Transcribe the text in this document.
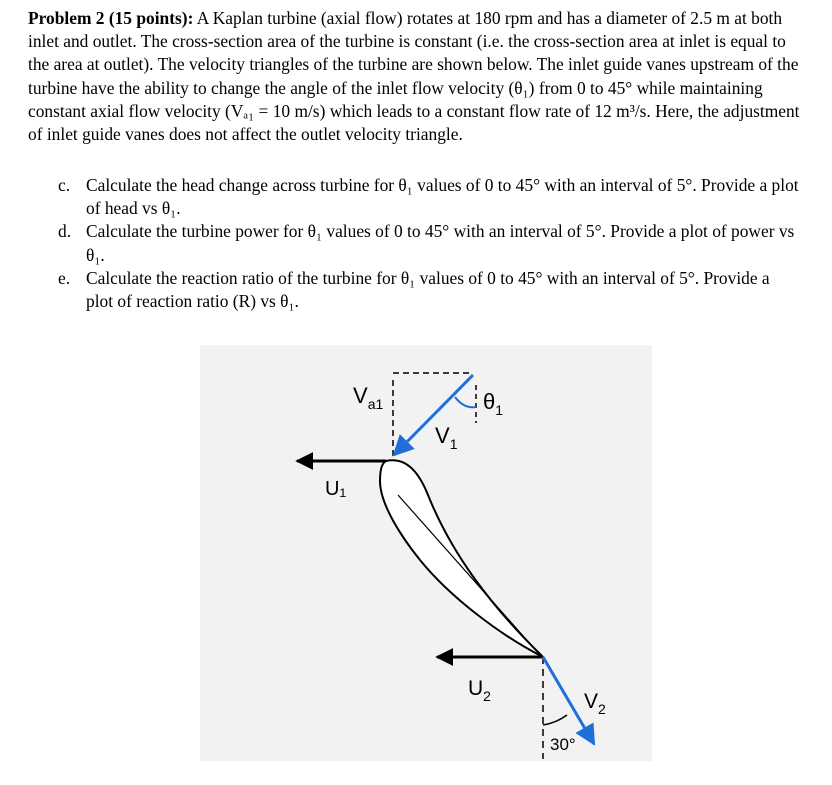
Problem 2 (15 points): A Kaplan turbine (axial flow) rotates at 180 rpm and has a diameter of 2.5 m at both inlet and outlet. The cross-section area of the turbine is constant (i.e. the cross-section area at inlet is equal to the area at outlet). The velocity triangles of the turbine are shown below. The inlet guide vanes upstream of the turbine have the ability to change the angle of the inlet flow velocity (θ₁) from 0 to 45° while maintaining constant axial flow velocity (Vₐ₁ = 10 m/s) which leads to a constant flow rate of 12 m³/s. Here, the adjustment of inlet guide vanes does not affect the outlet velocity triangle.
c. Calculate the head change across turbine for θ₁ values of 0 to 45° with an interval of 5°. Provide a plot of head vs θ₁.
d. Calculate the turbine power for θ₁ values of 0 to 45° with an interval of 5°. Provide a plot of power vs θ₁.
e. Calculate the reaction ratio of the turbine for θ₁ values of 0 to 45° with an interval of 5°. Provide a plot of reaction ratio (R) vs θ₁.
$V_{a1}$
$V_1$
$\theta_1$
U₁
$U_2$	$V_2$
30°
